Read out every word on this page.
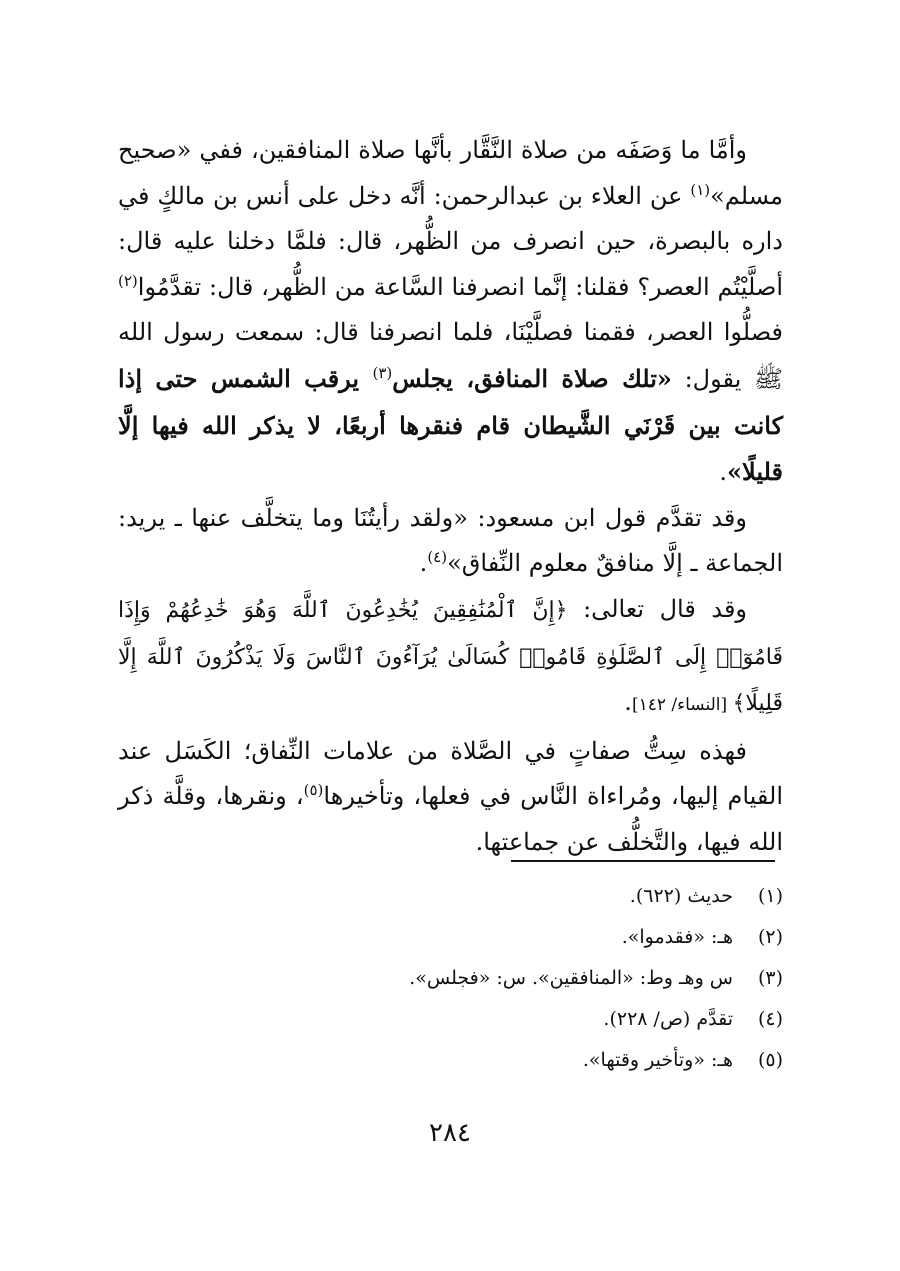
وأمَّا ما وَصَفَه من صلاة النَّقَّار بأنَّها صلاة المنافقين، ففي «صحيح مسلم»$^{(١)}$ عن العلاء بن عبدالرحمن: أنَّه دخل على أنس بن مالكٍ في داره بالبصرة، حين انصرف من الظُّهر، قال: فلمَّا دخلنا عليه قال: أصلَّيْتُم العصر؟ فقلنا: إنَّما انصرفنا السَّاعة من الظُّهر، قال: تقدَّمُوا$^{(٢)}$ فصلُّوا العصر، فقمنا فصلَّيْنَا، فلما انصرفنا قال: سمعت رسول الله ﷺ يقول: «تلك صلاة المنافق، يجلس$^{(٣)}$ يرقب الشمس حتى إذا كانت بين قَرْنَي الشَّيطان قام فنقرها أربعًا، لا يذكر الله فيها إلَّا قليلًا».

وقد تقدَّم قول ابن مسعود: «ولقد رأيتُنَا وما يتخلَّف عنها ـ يريد: الجماعة ـ إلَّا منافقٌ معلوم النِّفاق»$^{(٤)}$.

وقد قال تعالى: ﴿إِنَّ ٱلْمُنَٰفِقِينَ يُخَٰدِعُونَ ٱللَّهَ وَهُوَ خَٰدِعُهُمْ وَإِذَا قَامُوٓا۟ إِلَى ٱلصَّلَوٰةِ قَامُوا۟ كُسَالَىٰ يُرَآءُونَ ٱلنَّاسَ وَلَا يَذْكُرُونَ ٱللَّهَ إِلَّا قَلِيلًا﴾ [النساء/ ١٤٢].

فهذه سِتُّ صفاتٍ في الصَّلاة من علامات النِّفاق؛ الكَسَل عند القيام إليها، ومُراءاة النَّاس في فعلها، وتأخيرها$^{(٥)}$، ونقرها، وقلَّة ذكر الله فيها، والتَّخلُّف عن جماعتها.

(١)حديث (٦٢٢).
(٢)هـ: «فقدموا».
(٣)س وهـ وط: «المنافقين». س: «فجلس».
(٤)تقدَّم (ص/ ٢٢٨).
(٥)هـ: «وتأخير وقتها».
٢٨٤
